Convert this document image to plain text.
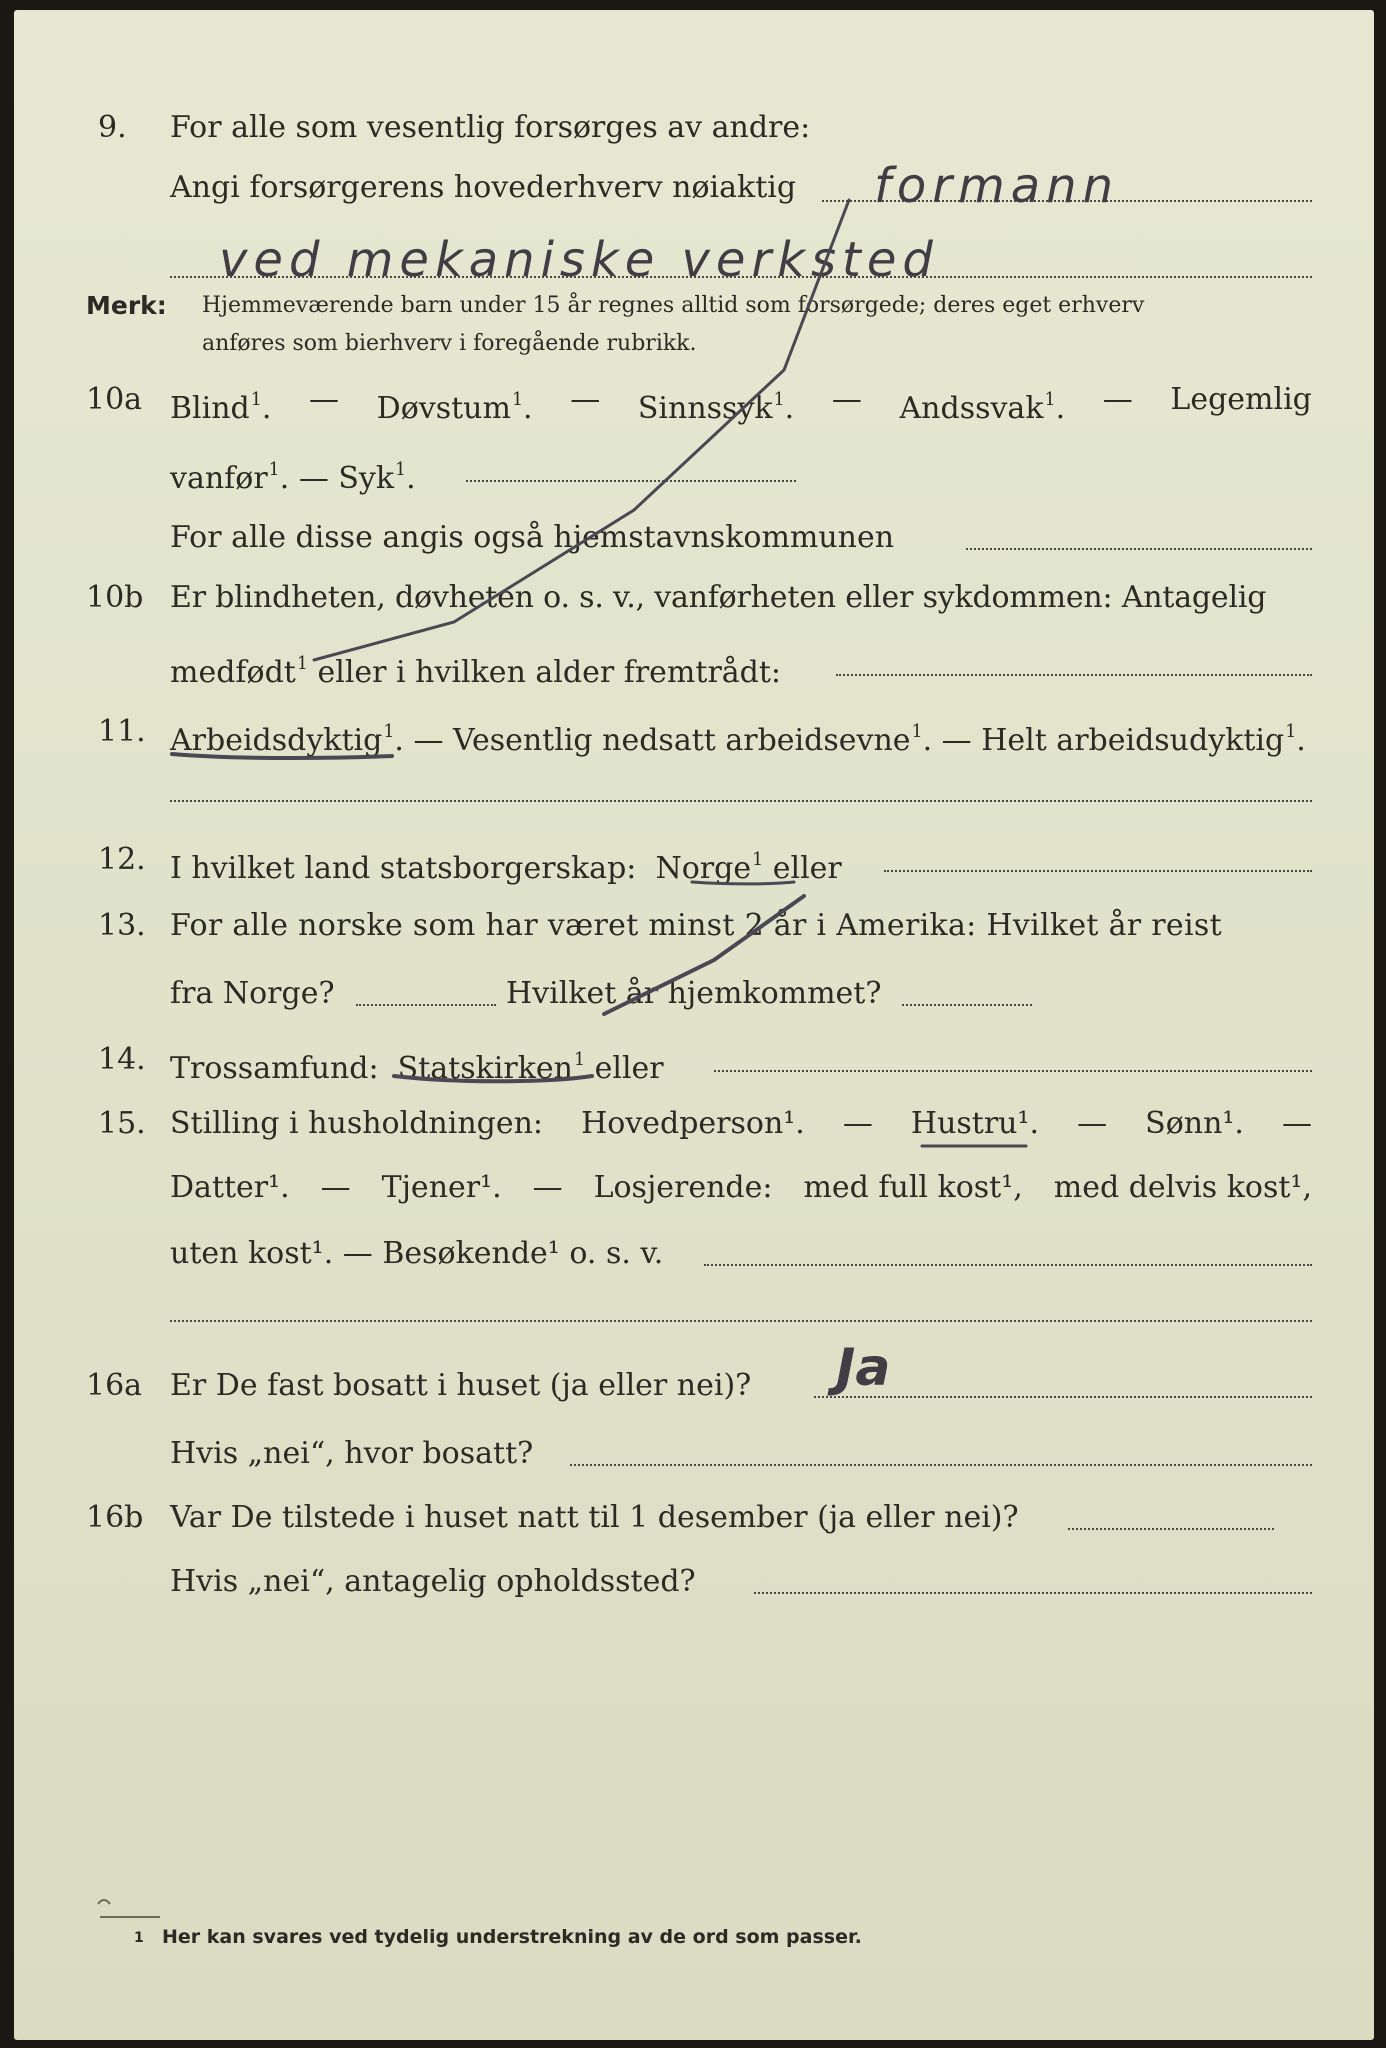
9. For alle som vesentlig forsørges av andre:
Angi forsørgerens hovederhverv nøiaktig formann
ved mekaniske verksted
Merk: Hjemmeværende barn under 15 år regnes alltid som forsørgede; deres eget erhverv
anføres som bierhverv i foregående rubrikk.
10a Blind$^1$. — Døvstum$^1$. — Sinnssyk$^1$. — Andssvak$^1$. — Legemlig
vanfør$^1$. — Syk$^1$.
For alle disse angis også hjemstavnskommunen
10b Er blindheten, døvheten o. s. v., vanførheten eller sykdommen: Antagelig
medfødt$^1$ eller i hvilken alder fremtrådt:
11. Arbeidsdyktig$^1$. — Vesentlig nedsatt arbeidsevne$^1$. — Helt arbeidsudyktig$^1$.
12. I hvilket land statsborgerskap: Norge$^1$ eller
13. For alle norske som har været minst 2 år i Amerika: Hvilket år reist
fra Norge?	Hvilket år hjemkommet?
14. Trossamfund: Statskirken$^1$ eller
15. Stilling i husholdningen: Hovedperson¹. — Hustru¹. — Sønn¹. —
Datter¹. — Tjener¹. — Losjerende: med full kost¹, med delvis kost¹,
uten kost¹. — Besøkende¹ o. s. v.
16a Er De fast bosatt i huset (ja eller nei)? Ja
Hvis „nei“, hvor bosatt?
16b Var De tilstede i huset natt til 1 desember (ja eller nei)?
Hvis „nei“, antagelig opholdssted?
1 Her kan svares ved tydelig understrekning av de ord som passer.
